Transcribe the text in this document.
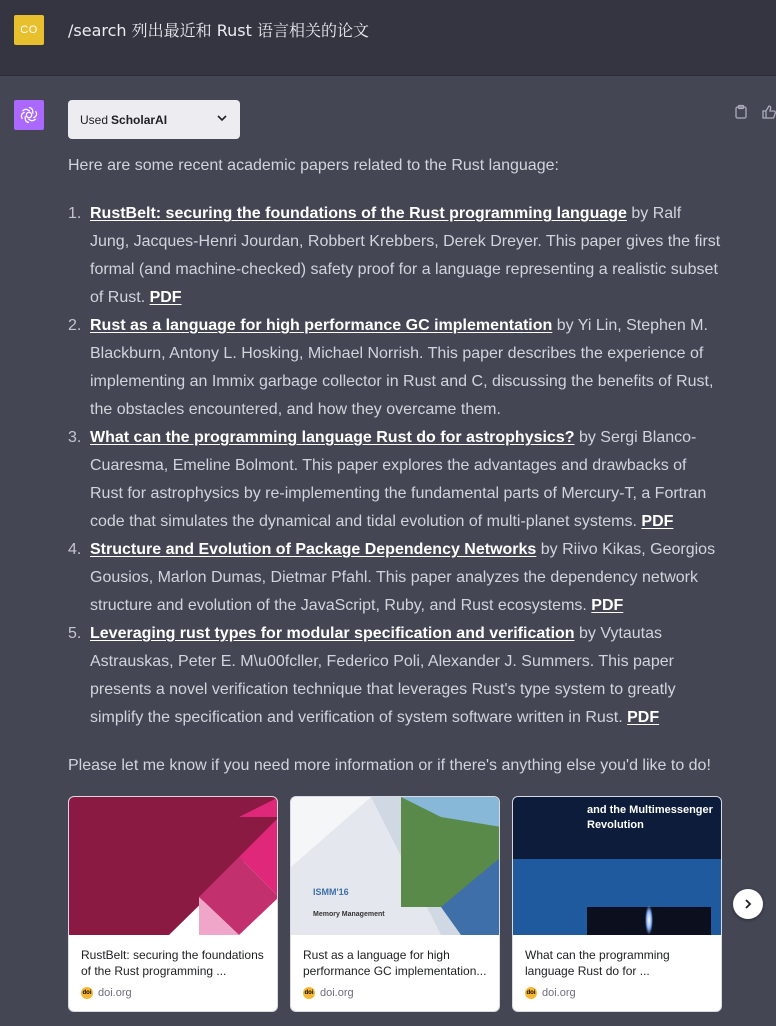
CO	/search 列出最近和 Rust 语言相关的论文
Used ScholarAI
Here are some recent academic papers related to the Rust language:
1. RustBelt: securing the foundations of the Rust programming language by Ralf Jung, Jacques-Henri Jourdan, Robbert Krebbers, Derek Dreyer. This paper gives the first formal (and machine-checked) safety proof for a language representing a realistic subset of Rust. PDF
2. Rust as a language for high performance GC implementation by Yi Lin, Stephen M. Blackburn, Antony L. Hosking, Michael Norrish. This paper describes the experience of implementing an Immix garbage collector in Rust and C, discussing the benefits of Rust, the obstacles encountered, and how they overcame them.
3. What can the programming language Rust do for astrophysics? by Sergi Blanco-Cuaresma, Emeline Bolmont. This paper explores the advantages and drawbacks of Rust for astrophysics by re-implementing the fundamental parts of Mercury-T, a Fortran code that simulates the dynamical and tidal evolution of multi-planet systems. PDF
4. Structure and Evolution of Package Dependency Networks by Riivo Kikas, Georgios Gousios, Marlon Dumas, Dietmar Pfahl. This paper analyzes the dependency network structure and evolution of the JavaScript, Ruby, and Rust ecosystems. PDF
5. Leveraging rust types for modular specification and verification by Vytautas Astrauskas, Peter E. M\u00fcller, Federico Poli, Alexander J. Summers. This paper presents a novel verification technique that leverages Rust's type system to greatly simplify the specification and verification of system software written in Rust. PDF
Please let me know if you need more information or if there's anything else you'd like to do!
RustBelt: securing the foundations of the Rust programming ...
doi doi.org
ISMM'16
Memory Management
Rust as a language for high performance GC implementation...
doi doi.org
and the Multimessenger
Revolution
What can the programming language Rust do for ...
doi doi.org
